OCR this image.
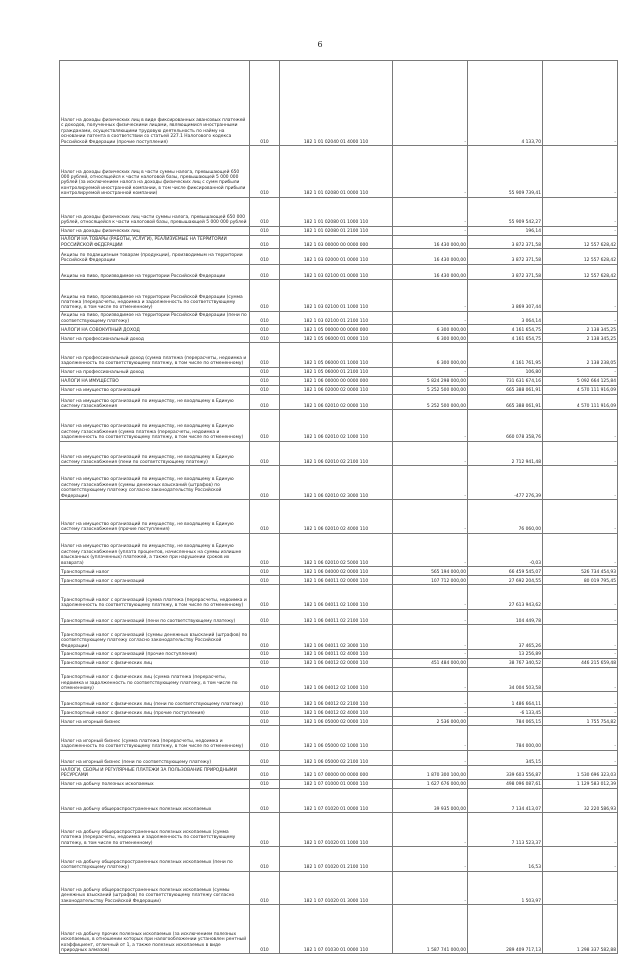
6
Налог на доходы физических лиц в виде фиксированных авансовых платежей с доходов, полученных физическими лицами, являющимися иностранными гражданами, осуществляющими трудовую деятельность по найму на основании патента в соответствии со статьей 227.1 Налогового кодекса Российской Федерации (прочие поступления)	010	182 1 01 02040 01 4000 110	-	4 133,70	-
Налог на доходы физических лиц в части суммы налога, превышающей 650 000 рублей, относящейся к части налоговой базы, превышающей 5 000 000 рублей (за исключением налога на доходы физических лиц с сумм прибыли контролируемой иностранной компании, в том числе фиксированной прибыли контролируемой иностранной компании)	010	182 1 01 02080 01 0000 110	-	55 909 739,41	-
Налог на доходы физических лиц части суммы налога, превышающей 650 000 рублей, относящейся к части налоговой базы, превышающей 5 000 000 рублей	010	182 1 01 02080 01 1000 110	-	55 909 542,27	-
Налог на доходы физических лиц	010	182 1 01 02080 01 2100 110	-	196,14	-
НАЛОГИ НА ТОВАРЫ (РАБОТЫ, УСЛУГИ), РЕАЛИЗУЕМЫЕ НА ТЕРРИТОРИИ РОССИЙСКОЙ ФЕДЕРАЦИИ	010	182 1 03 00000 00 0000 000	16 430 000,00	3 872 371,58	12 557 628,42
Акцизы по подакцизным товарам (продукции), производимым на территории Российской Федерации	010	182 1 03 02000 01 0000 110	16 430 000,00	3 872 371,58	12 557 628,42
Акцизы на пиво, производимое на территории Российской Федерации	010	182 1 03 02100 01 0000 110	16 430 000,00	3 872 371,58	12 557 628,42
Акцизы на пиво, производимое на территории Российской Федерации (сумма платежа (перерасчеты, недоимка и задолженность по соответствующему платежу, в том числе по отмененному)	010	182 1 03 02100 01 1000 110	-	3 869 307,44	-
Акцизы на пиво, производимое на территории Российской Федерации (пени по соответствующему платежу)	010	182 1 03 02100 01 2100 110	-	3 064,14	-
НАЛОГИ НА СОВОКУПНЫЙ ДОХОД	010	182 1 05 00000 00 0000 000	6 300 000,00	4 161 654,75	2 138 345,25
Налог на профессиональный доход	010	182 1 05 06000 01 0000 110	6 300 000,00	4 161 654,75	2 138 345,25
Налог на профессиональный доход (сумма платежа (перерасчеты, недоимка и задолженность по соответствующему платежу, в том числе по отмененному)	010	182 1 05 06000 01 1000 110	6 300 000,00	4 161 761,95	2 138 238,05
Налог на профессиональный доход	010	182 1 05 06000 01 2100 110	-	106,80	-
НАЛОГИ НА ИМУЩЕСТВО	010	182 1 06 00000 00 0000 000	5 824 298 000,00	731 631 674,16	5 092 664 125,84
Налог на имущество организаций	010	182 1 06 02000 02 0000 110	5 252 500 000,00	665 388 061,91	4 570 111 916,09
Налог на имущество организаций по имуществу, не входящему в Единую систему газоснабжения	010	182 1 06 02010 02 0000 110	5 252 500 000,00	665 388 061,91	4 570 111 916,09
Налог на имущество организаций по имуществу, не входящему в Единую систему газоснабжения (сумма платежа (перерасчеты, недоимка и задолженность по соответствующему платежу, в том числе по отмененному)	010	182 1 06 02010 02 1000 110	-	660 078 358,76	-
Налог на имущество организаций по имуществу, не входящему в Единую систему газоснабжения (пени по соответствующему платежу)	010	182 1 06 02010 02 2100 110	-	2 712 941,48	-
Налог на имущество организаций по имуществу, не входящему в Единую систему газоснабжения (суммы денежных взысканий (штрафов) по соответствующему платежу согласно законодательству Российской Федерации)	010	182 1 06 02010 02 3000 110	-	-477 276,39	-
Налог на имущество организаций по имуществу, не входящему в Единую систему газоснабжения (прочие поступления)	010	182 1 06 02010 02 4000 110	-	76 060,00	-
Налог на имущество организаций по имуществу, не входящему в Единую систему газоснабжения (уплата процентов, начисленных на суммы излишне взысканных (уплаченных) платежей, а также при нарушении сроков их возврата)	010	182 1 06 02010 02 5000 110	-	-0,03	-
Транспортный налог	010	182 1 06 04000 02 0000 110	565 194 000,00	66 459 545,07	526 734 454,93
Транспортный налог с организаций	010	182 1 06 04011 02 0000 110	107 712 000,00	27 692 204,55	80 019 795,45
Транспортный налог с организаций (сумма платежа (перерасчеты, недоимка и задолженность по соответствующему платежу, в том числе по отмененному)	010	182 1 06 04011 02 1000 110	-	27 613 943,62	-
Транспортный налог с организаций (пени по соответствующему платежу)	010	182 1 06 04011 02 2100 110	-	104 449,78	-
Транспортный налог с организаций (суммы денежных взысканий (штрафов) по соответствующему платежу согласно законодательству Российской Федерации)	010	182 1 06 04011 02 3000 110	-	37 465,26	-
Транспортный налог с организаций (прочие поступления)	010	182 1 06 04011 02 4000 110	-	13 256,89	-
Транспортный налог с физических лиц	010	182 1 06 04012 02 0000 110	451 484 000,00	38 767 340,52	446 215 659,48
Транспортный налог с физических лиц (сумма платежа (перерасчеты, недоимка и задолженность по соответствующему платежу, в том числе по отмененному)	010	182 1 06 04012 02 1000 110	-	34 004 503,58	-
Транспортный налог с физических лиц (пени по соответствующему платежу)	010	182 1 06 04012 02 2100 110	-	1 486 664,11	-
Транспортный налог с физических лиц (прочие поступления)	010	182 1 06 04012 02 4000 110	-	-6 133,45	-
Налог на игорный бизнес	010	182 1 06 05000 02 0000 110	2 536 000,00	784 065,15	1 755 754,82
Налог на игорный бизнес (сумма платежа (перерасчеты, недоимка и задолженность по соответствующему платежу, в том числе по отмененному)	010	182 1 06 05000 02 1000 110	-	784 000,00	-
Налог на игорный бизнес (пени по соответствующему платежу)	010	182 1 06 05000 02 2100 110	-	345,15	-
НАЛОГИ, СБОРЫ И РЕГУЛЯРНЫЕ ПЛАТЕЖИ ЗА ПОЛЬЗОВАНИЕ ПРИРОДНЫМИ РЕСУРСАМИ	010	182 1 07 00000 00 0000 000	1 870 300 100,00	339 603 556,87	1 530 696 323,03
Налог на добычу полезных ископаемых	010	182 1 07 01000 01 0000 110	1 627 676 000,00	498 096 087,61	1 129 583 012,39
Налог на добычу общераспространенных полезных ископаемых	010	182 1 07 01020 01 0000 110	39 935 000,00	7 134 413,07	32 220 586,93
Налог на добычу общераспространенных полезных ископаемых (сумма платежа (перерасчеты, недоимка и задолженность по соответствующему платежу, в том числе по отмененному)	010	182 1 07 01020 01 1000 110	-	7 113 523,37	-
Налог на добычу общераспространенных полезных ископаемых (пени по соответствующему платежу)	010	182 1 07 01020 01 2100 110	-	16,53	-
Налог на добычу общераспространенных полезных ископаемых (суммы денежных взысканий (штрафов) по соответствующему платежу согласно законодательству Российской Федерации)	010	182 1 07 01020 01 3000 110	-	1 503,97	-
Налог на добычу прочих полезных ископаемых (за исключением полезных ископаемых, в отношении которых при налогообложении установлен рентный коэффициент, отличный от 1, а также полезных ископаемых в виде природных алмазов)	010	182 1 07 01030 01 0000 110	1 587 741 000,00	289 409 717,13	1 298 337 582,88
